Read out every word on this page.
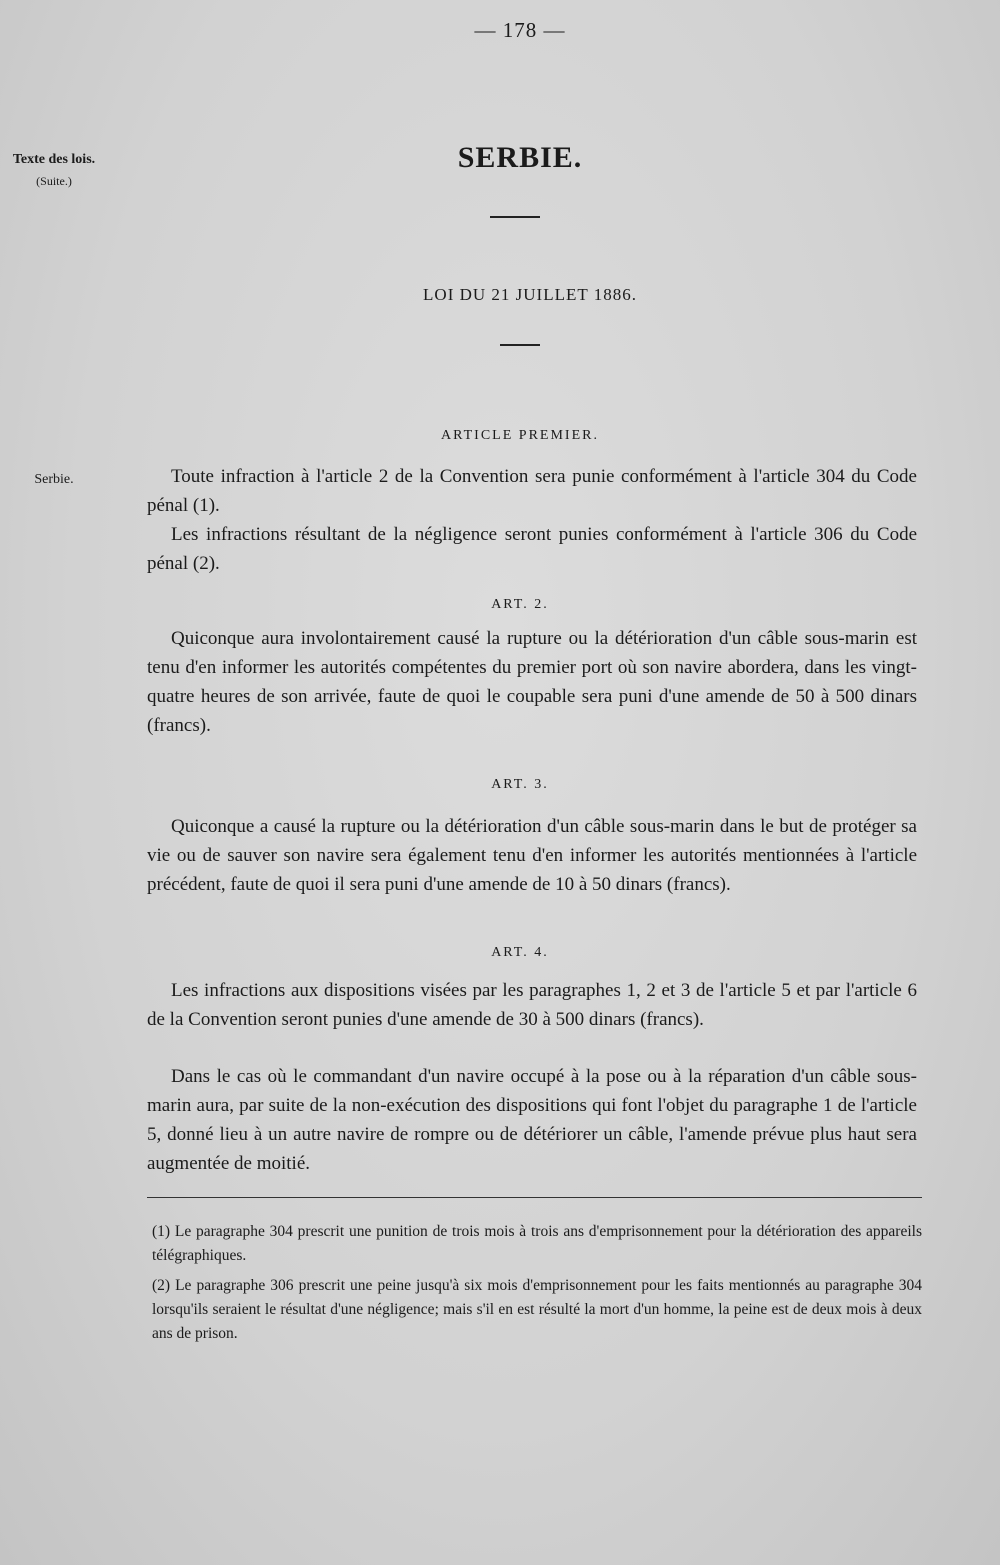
— 178 —
Texte des lois.
(Suite.)
Serbie.
SERBIE.
LOI DU 21 JUILLET 1886.
ARTICLE PREMIER.

Toute infraction à l'article 2 de la Convention sera punie conformément à l'article 304 du Code pénal (1).

Les infractions résultant de la négligence seront punies conformément à l'article 306 du Code pénal (2).

ART. 2.

Quiconque aura involontairement causé la rupture ou la détérioration d'un câble sous-marin est tenu d'en informer les autorités compétentes du premier port où son navire abordera, dans les vingt-quatre heures de son arrivée, faute de quoi le coupable sera puni d'une amende de 50 à 500 dinars (francs).

ART. 3.

Quiconque a causé la rupture ou la détérioration d'un câble sous-marin dans le but de protéger sa vie ou de sauver son navire sera également tenu d'en informer les autorités mentionnées à l'article précédent, faute de quoi il sera puni d'une amende de 10 à 50 dinars (francs).

ART. 4.

Les infractions aux dispositions visées par les paragraphes 1, 2 et 3 de l'article 5 et par l'article 6 de la Convention seront punies d'une amende de 30 à 500 dinars (francs).

Dans le cas où le commandant d'un navire occupé à la pose ou à la réparation d'un câble sous-marin aura, par suite de la non-exécution des dispositions qui font l'objet du paragraphe 1 de l'article 5, donné lieu à un autre navire de rompre ou de détériorer un câble, l'amende prévue plus haut sera augmentée de moitié.

(1) Le paragraphe 304 prescrit une punition de trois mois à trois ans d'emprisonnement pour la détérioration des appareils télégraphiques.

(2) Le paragraphe 306 prescrit une peine jusqu'à six mois d'emprisonnement pour les faits mentionnés au paragraphe 304 lorsqu'ils seraient le résultat d'une négligence; mais s'il en est résulté la mort d'un homme, la peine est de deux mois à deux ans de prison.
